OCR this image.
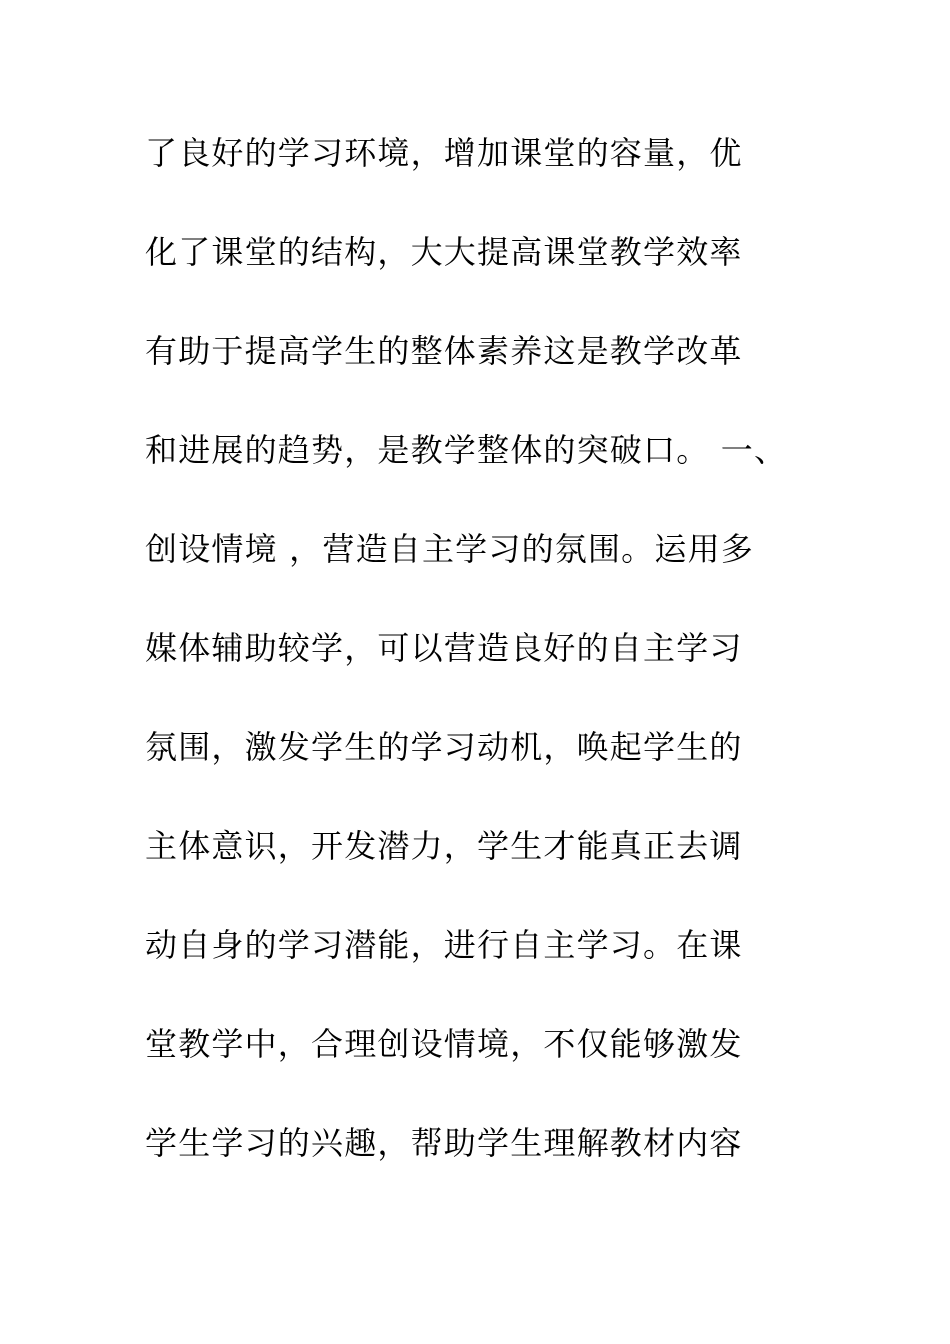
了良好的学习环境，增加课堂的容量，优
化了课堂的结构，大大提高课堂教学效率
有助于提高学生的整体素养这是教学改革
和进展的趋势，是教学整体的突破口。 一、
创设情境 ，营造自主学习的氛围。运用多
媒体辅助较学，可以营造良好的自主学习
氛围，激发学生的学习动机，唤起学生的
主体意识，开发潜力，学生才能真正去调
动自身的学习潜能，进行自主学习。在课
堂教学中，合理创设情境，不仅能够激发
学生学习的兴趣，帮助学生理解教材内容
